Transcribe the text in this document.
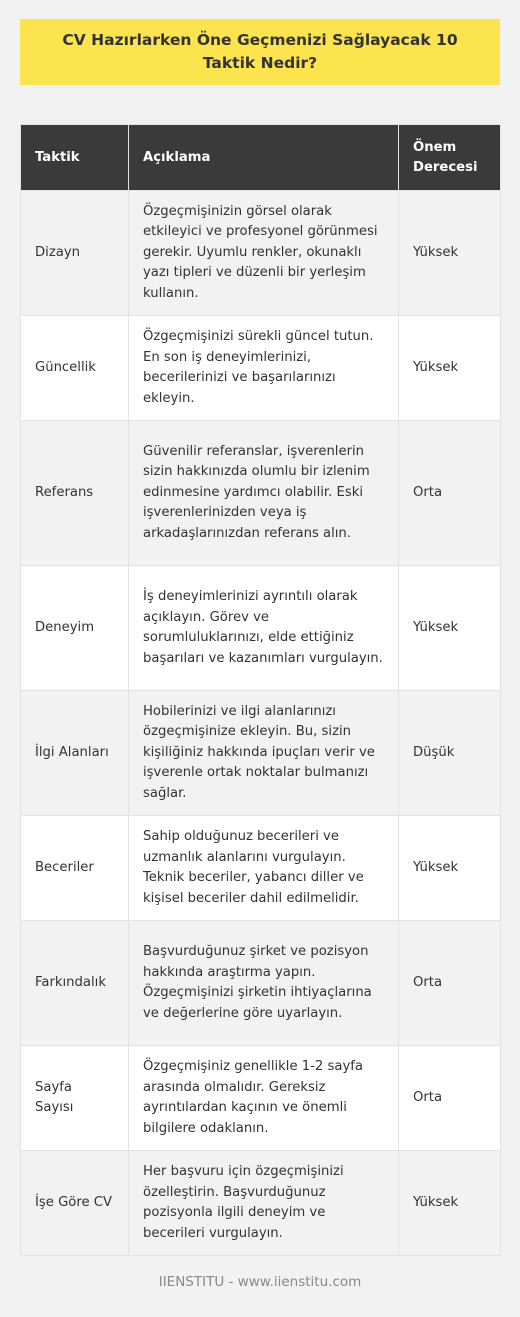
CV Hazırlarken Öne Geçmenizi Sağlayacak 10 Taktik Nedir?
Taktik	Açıklama	Önem Derecesi
Dizayn	Özgeçmişinizin görsel olarak etkileyici ve profesyonel görünmesi gerekir. Uyumlu renkler, okunaklı yazı tipleri ve düzenli bir yerleşim kullanın.	Yüksek
Güncellik	Özgeçmişinizi sürekli güncel tutun. En son iş deneyimlerinizi, becerilerinizi ve başarılarınızı ekleyin.	Yüksek
Referans	Güvenilir referanslar, işverenlerin sizin hakkınızda olumlu bir izlenim edinmesine yardımcı olabilir. Eski işverenlerinizden veya iş arkadaşlarınızdan referans alın.	Orta
Deneyim	İş deneyimlerinizi ayrıntılı olarak açıklayın. Görev ve sorumluluklarınızı, elde ettiğiniz başarıları ve kazanımları vurgulayın.	Yüksek
İlgi Alanları	Hobilerinizi ve ilgi alanlarınızı özgeçmişinize ekleyin. Bu, sizin kişiliğiniz hakkında ipuçları verir ve işverenle ortak noktalar bulmanızı sağlar.	Düşük
Beceriler	Sahip olduğunuz becerileri ve uzmanlık alanlarını vurgulayın. Teknik beceriler, yabancı diller ve kişisel beceriler dahil edilmelidir.	Yüksek
Farkındalık	Başvurduğunuz şirket ve pozisyon hakkında araştırma yapın. Özgeçmişinizi şirketin ihtiyaçlarına ve değerlerine göre uyarlayın.	Orta
Sayfa Sayısı	Özgeçmişiniz genellikle 1-2 sayfa arasında olmalıdır. Gereksiz ayrıntılardan kaçının ve önemli bilgilere odaklanın.	Orta
İşe Göre CV	Her başvuru için özgeçmişinizi özelleştirin. Başvurduğunuz pozisyonla ilgili deneyim ve becerileri vurgulayın.	Yüksek
IIENSTITU - www.iienstitu.com
